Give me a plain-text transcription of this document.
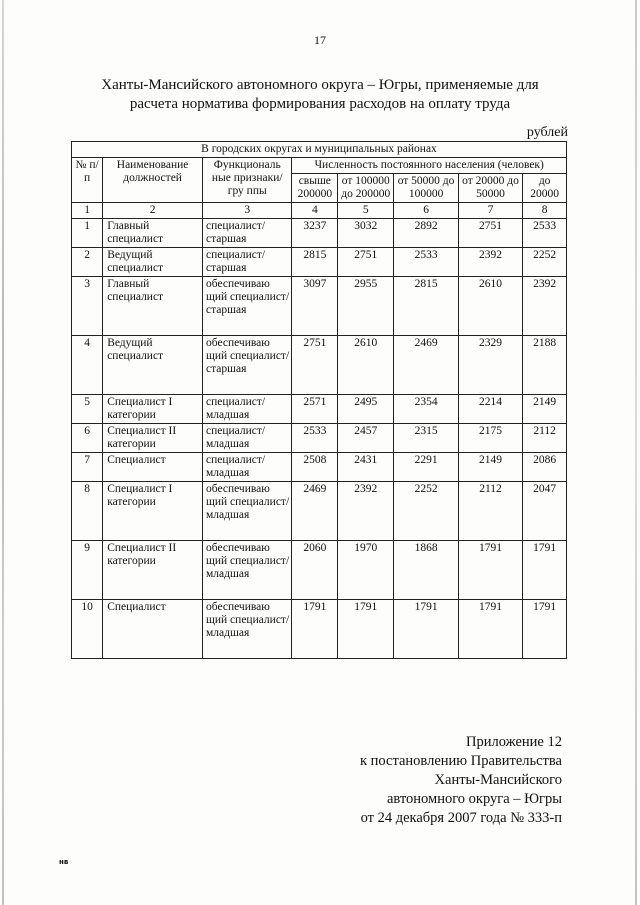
17
Ханты-Мансийского автономного округа – Югры, применяемые для
расчета норматива формирования расходов на оплату труда
рублей
В городских округах и муниципальных районах							
№ п/п	Наименование должностей	Функциональ ные признаки/гру ппы	Численность постоянного населения (человек)				
			свыше 200000	от 100000 до 200000	от 50000 до 100000	от 20000 до 50000	до 20000
1	2	3	4	5	6	7	8
1	Главный специалист	специалист/ старшая	3237	3032	2892	2751	2533
2	Ведущий специалист	специалист/ старшая	2815	2751	2533	2392	2252
3	Главный специалист	обеспечиваю щий специалист/ старшая	3097	2955	2815	2610	2392
4	Ведущий специалист	обеспечиваю щий специалист/ старшая	2751	2610	2469	2329	2188
5	Специалист I категории	специалист/ младшая	2571	2495	2354	2214	2149
6	Специалист II категории	специалист/ младшая	2533	2457	2315	2175	2112
7	Специалист	специалист/ младшая	2508	2431	2291	2149	2086
8	Специалист I категории	обеспечиваю щий специалист/ младшая	2469	2392	2252	2112	2047
9	Специалист II категории	обеспечиваю щий специалист/ младшая	2060	1970	1868	1791	1791
10	Специалист	обеспечиваю щий специалист/ младшая	1791	1791	1791	1791	1791
Приложение 12
к постановлению Правительства
Ханты-Мансийского
автономного округа – Югры
от 24 декабря 2007 года № 333-п
нв
